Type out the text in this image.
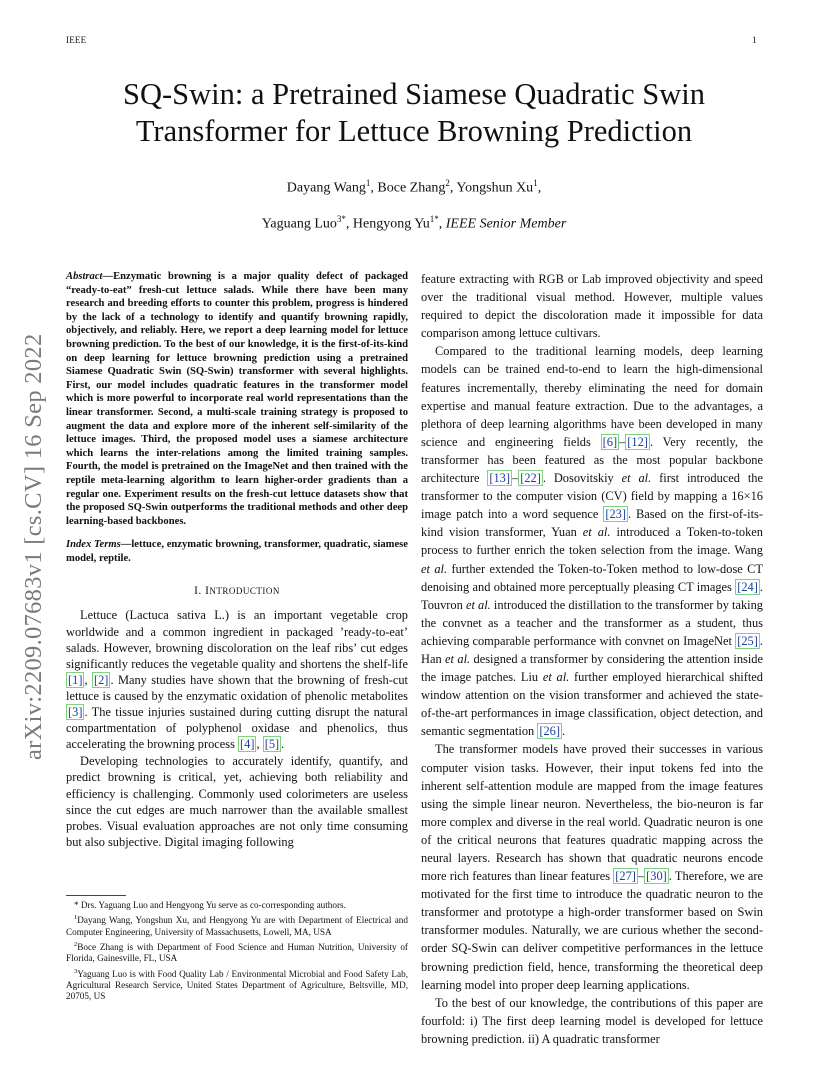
IEEE	1
arXiv:2209.07683v1 [cs.CV] 16 Sep 2022
SQ-Swin: a Pretrained Siamese Quadratic Swin
Transformer for Lettuce Browning Prediction
Dayang Wang$^1$, Boce Zhang$^2$, Yongshun Xu$^1$,
Yaguang Luo$^{3*}$, Hengyong $Yu^{1*}$, IEEE Senior Member

Abstract—Enzymatic browning is a major quality defect of packaged “ready-to-eat” fresh-cut lettuce salads. While there have been many research and breeding efforts to counter this problem, progress is hindered by the lack of a technology to identify and quantify browning rapidly, objectively, and reliably. Here, we report a deep learning model for lettuce browning prediction. To the best of our knowledge, it is the first-of-its-kind on deep learning for lettuce browning prediction using a pretrained Siamese Quadratic Swin (SQ-Swin) transformer with several highlights. First, our model includes quadratic features in the transformer model which is more powerful to incorporate real world representations than the linear transformer. Second, a multi-scale training strategy is proposed to augment the data and explore more of the inherent self-similarity of the lettuce images. Third, the proposed model uses a siamese architecture which learns the inter-relations among the limited training samples. Fourth, the model is pretrained on the ImageNet and then trained with the reptile meta-learning algorithm to learn higher-order gradients than a regular one. Experiment results on the fresh-cut lettuce datasets show that the proposed SQ-Swin outperforms the traditional methods and other deep learning-based backbones.

Index Terms—lettuce, enzymatic browning, transformer, quadratic, siamese model, reptile.

I. INTRODUCTION

Lettuce (Lactuca sativa L.) is an important vegetable crop worldwide and a common ingredient in packaged ’ready-to-eat’ salads. However, browning discoloration on the leaf ribs’ cut edges significantly reduces the vegetable quality and shortens the shelf-life [1] , [2] . Many studies have shown that the browning of fresh-cut lettuce is caused by the enzymatic oxidation of phenolic metabolites [3] . The tissue injuries sustained during cutting disrupt the natural compartmentation of polyphenol oxidase and phenolics, thus accelerating the browning process [4] , [5] .

Developing technologies to accurately identify, quantify, and predict browning is critical, yet, achieving both reliability and efficiency is challenging. Commonly used colorimeters are useless since the cut edges are much narrower than the available smallest probes. Visual evaluation approaches are not only time consuming but also subjective. Digital imaging following

* Drs. Yaguang Luo and Hengyong Yu serve as co-corresponding authors.

$^1$Dayang Wang, Yongshun Xu, and Hengyong Yu are with Department of Electrical and Computer Engineering, University of Massachusetts, Lowell, MA, USA

$^2$Boce Zhang is with Department of Food Science and Human Nutrition, University of Florida, Gainesville, FL, USA

$^3$Yaguang Luo is with Food Quality Lab / Environmental Microbial and Food Safety Lab, Agricultural Research Service, United States Department of Agriculture, Beltsville, MD, 20705, US

feature extracting with RGB or Lab improved objectivity and speed over the traditional visual method. However, multiple values required to depict the discoloration made it impossible for data comparison among lettuce cultivars.

Compared to the traditional learning models, deep learning models can be trained end-to-end to learn the high-dimensional features incrementally, thereby eliminating the need for domain expertise and manual feature extraction. Due to the advantages, a plethora of deep learning algorithms have been developed in many science and engineering fields [6] – [12] . Very recently, the transformer has been featured as the most popular backbone architecture [13] – [22] . Dosovitskiy et al. first introduced the transformer to the computer vision (CV) field by mapping a 16×16 image patch into a word sequence [23] . Based on the first-of-its-kind vision transformer, Yuan et al. introduced a Token-to-token process to further enrich the token selection from the image. Wang et al. further extended the Token-to-Token method to low-dose CT denoising and obtained more perceptually pleasing CT images [24] . Touvron et al. introduced the distillation to the transformer by taking the convnet as a teacher and the transformer as a student, thus achieving comparable performance with convnet on ImageNet [25] . Han et al. designed a transformer by considering the attention inside the image patches. Liu et al. further employed hierarchical shifted window attention on the vision transformer and achieved the state-of-the-art performances in image classification, object detection, and semantic segmentation [26] .

The transformer models have proved their successes in various computer vision tasks. However, their input tokens fed into the inherent self-attention module are mapped from the image features using the simple linear neuron. Nevertheless, the bio-neuron is far more complex and diverse in the real world. Quadratic neuron is one of the critical neurons that features quadratic mapping across the neural layers. Research has shown that quadratic neurons encode more rich features than linear features [27] – [30] . Therefore, we are motivated for the first time to introduce the quadratic neuron to the transformer and prototype a high-order transformer based on Swin transformer modules. Naturally, we are curious whether the second-order SQ-Swin can deliver competitive performances in the lettuce browning prediction field, hence, transforming the theoretical deep learning model into proper deep learning applications.

To the best of our knowledge, the contributions of this paper are fourfold: i) The first deep learning model is developed for lettuce browning prediction. ii) A quadratic transformer
